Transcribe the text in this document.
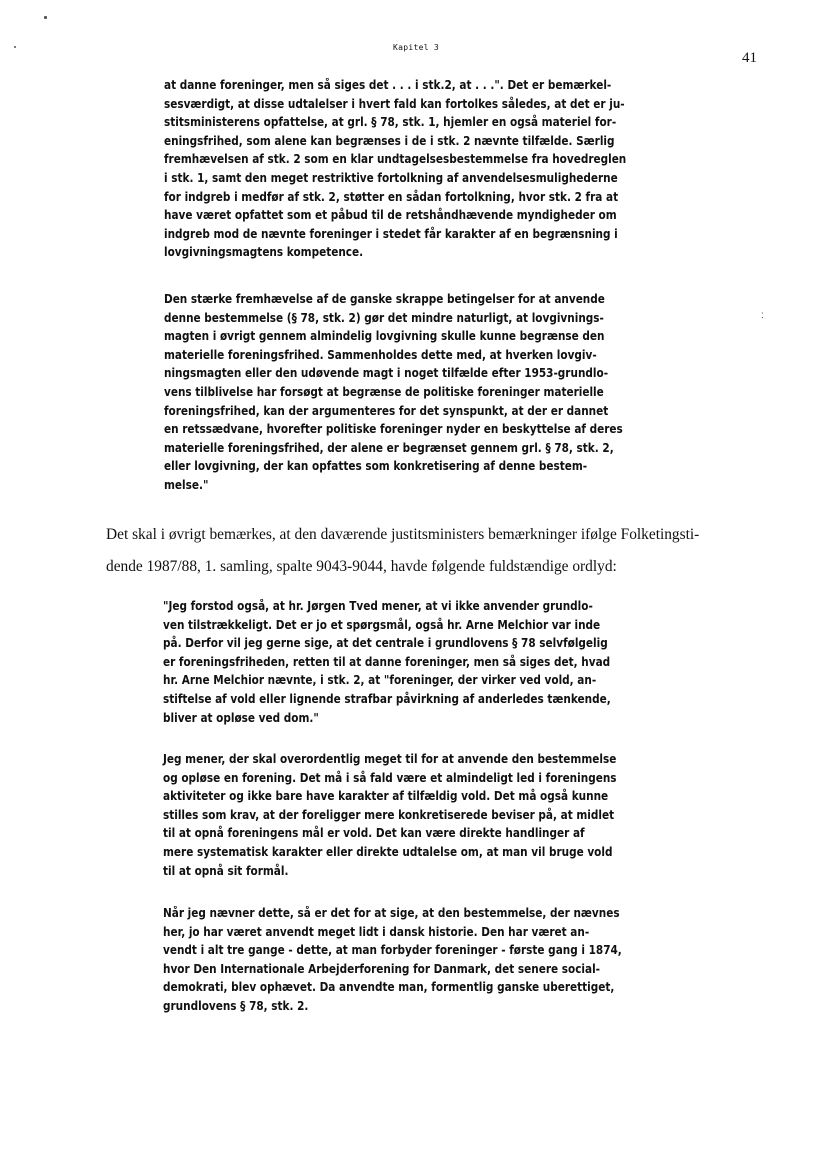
Kapitel 3
41
:

at danne foreninger, men så siges det . . . i stk.2, at . . .". Det er bemærkel-
sesværdigt, at disse udtalelser i hvert fald kan fortolkes således, at det er ju-
stitsministerens opfattelse, at grl. § 78, stk. 1, hjemler en også materiel for-
eningsfrihed, som alene kan begrænses i de i stk. 2 nævnte tilfælde. Særlig
fremhævelsen af stk. 2 som en klar undtagelsesbestemmelse fra hovedreglen
i stk. 1, samt den meget restriktive fortolkning af anvendelsesmulighederne
for indgreb i medfør af stk. 2, støtter en sådan fortolkning, hvor stk. 2 fra at
have været opfattet som et påbud til de retshåndhævende myndigheder om
indgreb mod de nævnte foreninger i stedet får karakter af en begrænsning i
lovgivningsmagtens kompetence.

Den stærke fremhævelse af de ganske skrappe betingelser for at anvende
denne bestemmelse (§ 78, stk. 2) gør det mindre naturligt, at lovgivnings-
magten i øvrigt gennem almindelig lovgivning skulle kunne begrænse den
materielle foreningsfrihed. Sammenholdes dette med, at hverken lovgiv-
ningsmagten eller den udøvende magt i noget tilfælde efter 1953-grundlo-
vens tilblivelse har forsøgt at begrænse de politiske foreninger materielle
foreningsfrihed, kan der argumenteres for det synspunkt, at der er dannet
en retssædvane, hvorefter politiske foreninger nyder en beskyttelse af deres
materielle foreningsfrihed, der alene er begrænset gennem grl. § 78, stk. 2,
eller lovgivning, der kan opfattes som konkretisering af denne bestem-
melse."

Det skal i øvrigt bemærkes, at den daværende justitsministers bemærkninger ifølge Folketingsti-
dende 1987/88, 1. samling, spalte 9043-9044, havde følgende fuldstændige ordlyd:

"Jeg forstod også, at hr. Jørgen Tved mener, at vi ikke anvender grundlo-
ven tilstrækkeligt. Det er jo et spørgsmål, også hr. Arne Melchior var inde
på. Derfor vil jeg gerne sige, at det centrale i grundlovens § 78 selvfølgelig
er foreningsfriheden, retten til at danne foreninger, men så siges det, hvad
hr. Arne Melchior nævnte, i stk. 2, at "foreninger, der virker ved vold, an-
stiftelse af vold eller lignende strafbar påvirkning af anderledes tænkende,
bliver at opløse ved dom."

Jeg mener, der skal overordentlig meget til for at anvende den bestemmelse
og opløse en forening. Det må i så fald være et almindeligt led i foreningens
aktiviteter og ikke bare have karakter af tilfældig vold. Det må også kunne
stilles som krav, at der foreligger mere konkretiserede beviser på, at midlet
til at opnå foreningens mål er vold. Det kan være direkte handlinger af
mere systematisk karakter eller direkte udtalelse om, at man vil bruge vold
til at opnå sit formål.

Når jeg nævner dette, så er det for at sige, at den bestemmelse, der nævnes
her, jo har været anvendt meget lidt i dansk historie. Den har været an-
vendt i alt tre gange - dette, at man forbyder foreninger - første gang i 1874,
hvor Den Internationale Arbejderforening for Danmark, det senere social-
demokrati, blev ophævet. Da anvendte man, formentlig ganske uberettiget,
grundlovens § 78, stk. 2.
